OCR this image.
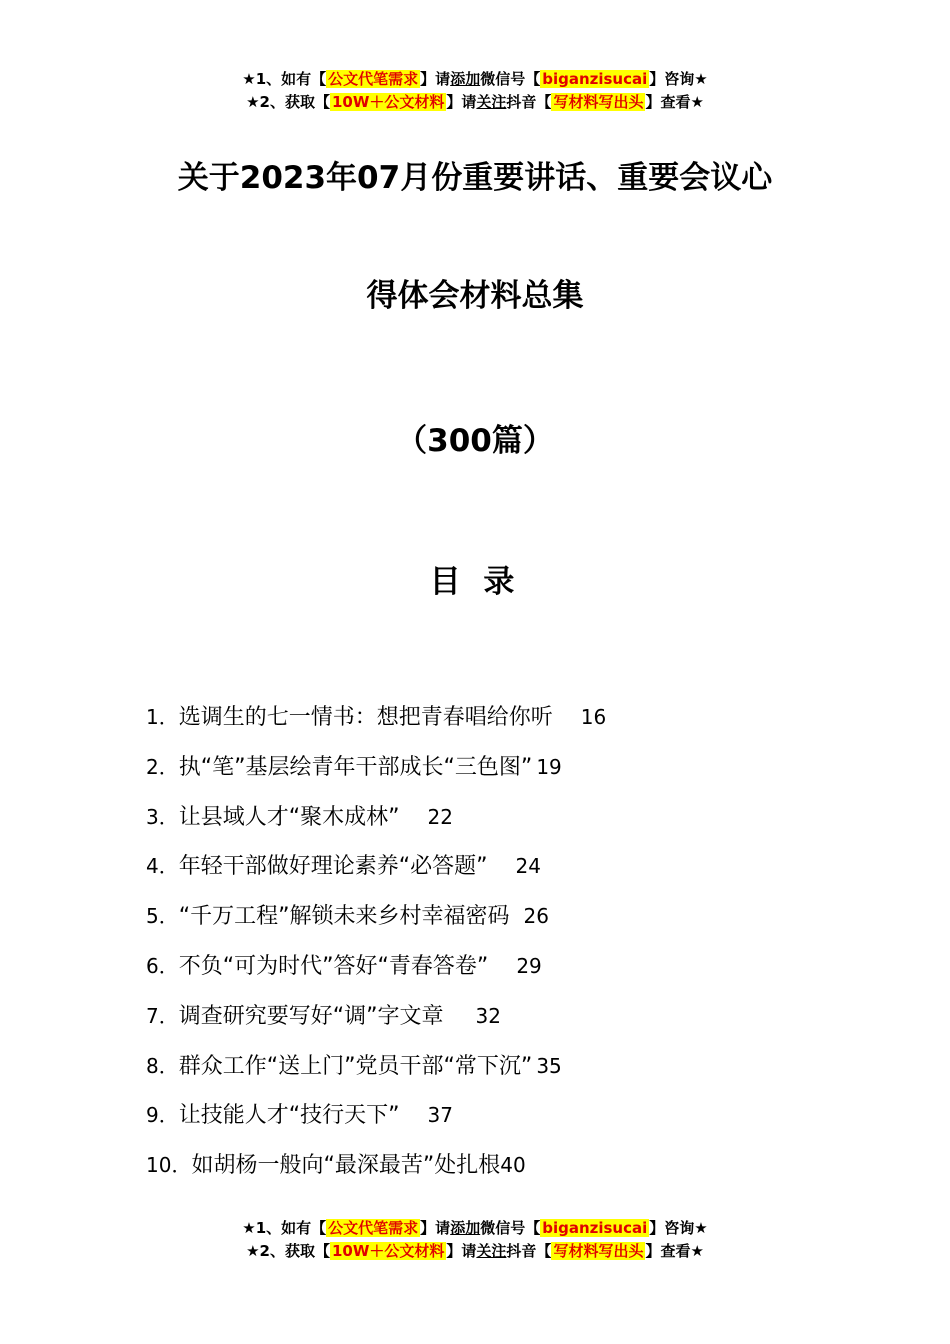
★1、如有【 公文代笔需求 】请添加微信号【 biganzisucai 】咨询★
★2、获取【 10W＋公文材料 】请关注抖音【 写材料写出头 】查看★
关于2023年07月份重要讲话、重要会议心
得体会材料总集
（300篇）
目 录
1． 选调生的七一情书：想把青春唱给你听 16
2． 执“笔”基层绘青年干部成长“三色图” 19
3． 让县域人才“聚木成林” 22
4． 年轻干部做好理论素养“必答题” 24
5． “千万工程”解锁未来乡村幸福密码 26
6． 不负“可为时代”答好“青春答卷” 29
7． 调查研究要写好“调”字文章 32
8． 群众工作“送上门”党员干部“常下沉” 35
9． 让技能人才“技行天下” 37
10． 如胡杨一般向“最深最苦”处扎根 40
★1、如有【 公文代笔需求 】请添加微信号【 biganzisucai 】咨询★
★2、获取【 10W＋公文材料 】请关注抖音【 写材料写出头 】查看★
